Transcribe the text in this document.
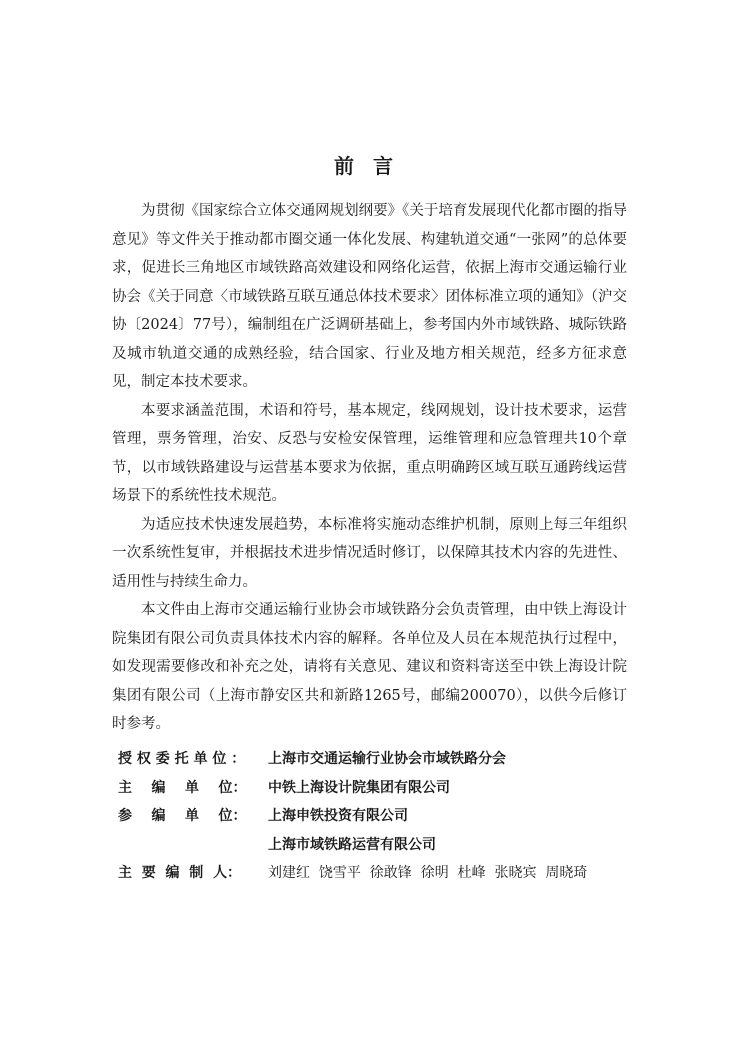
前 言

为贯彻《国家综合立体交通网规划纲要》《关于培育发展现代化都市圈的指导意见》等文件关于推动都市圈交通一体化发展、构建轨道交通“一张网”的总体要求，促进长三角地区市域铁路高效建设和网络化运营，依据上海市交通运输行业协会《关于同意〈市域铁路互联互通总体技术要求〉团体标准立项的通知》（沪交协〔2024〕77号），编制组在广泛调研基础上，参考国内外市域铁路、城际铁路及城市轨道交通的成熟经验，结合国家、行业及地方相关规范，经多方征求意见，制定本技术要求。

本要求涵盖范围，术语和符号，基本规定，线网规划，设计技术要求，运营管理，票务管理，治安、反恐与安检安保管理，运维管理和应急管理共10个章节，以市域铁路建设与运营基本要求为依据，重点明确跨区域互联互通跨线运营场景下的系统性技术规范。

为适应技术快速发展趋势，本标准将实施动态维护机制，原则上每三年组织一次系统性复审，并根据技术进步情况适时修订，以保障其技术内容的先进性、适用性与持续生命力。

本文件由上海市交通运输行业协会市域铁路分会负责管理，由中铁上海设计院集团有限公司负责具体技术内容的解释。各单位及人员在本规范执行过程中，如发现需要修改和补充之处，请将有关意见、建议和资料寄送至中铁上海设计院集团有限公司（上海市静安区共和新路1265号，邮编200070），以供今后修订时参考。

授 权 委 托 单 位 ：	上海市交通运输行业协会市域铁路分会
主    编    单    位：	中铁上海设计院集团有限公司
参    编    单    位：	上海申铁投资有限公司
上海市域铁路运营有限公司
主  要  编  制  人：	刘建红  饶雪平  徐敢锋  徐明  杜峰  张晓宾  周晓琦
